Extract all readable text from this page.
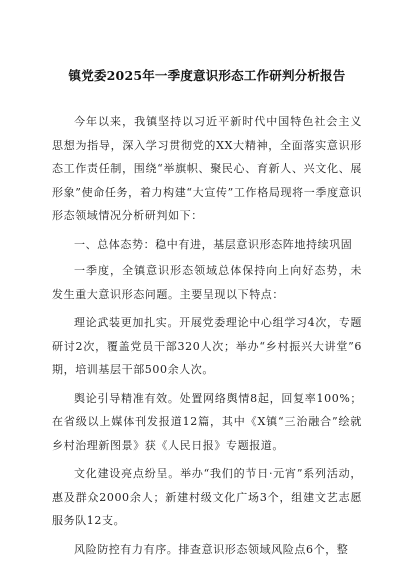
镇党委2025年一季度意识形态工作研判分析报告

今年以来，我镇坚持以习近平新时代中国特色社会主义思想为指导，深入学习贯彻党的XX大精神，全面落实意识形态工作责任制，围绕“举旗帜、聚民心、育新人、兴文化、展形象”使命任务，着力构建“大宣传”工作格局现将一季度意识形态领域情况分析研判如下：

一、总体态势：稳中有进，基层意识形态阵地持续巩固

一季度，全镇意识形态领域总体保持向上向好态势，未发生重大意识形态问题。主要呈现以下特点：

理论武装更加扎实。开展党委理论中心组学习4次，专题研讨2次，覆盖党员干部320人次；举办“乡村振兴大讲堂”6期，培训基层干部500余人次。

舆论引导精准有效。处置网络舆情8起，回复率100%；在省级以上媒体刊发报道12篇，其中《X镇“三治融合”绘就乡村治理新图景》获《人民日报》专题报道。

文化建设亮点纷呈。举办“我们的节日·元宵”系列活动，惠及群众2000余人；新建村级文化广场3个，组建文艺志愿服务队12支。

风险防控有力有序。排查意识形态领域风险点6个，整
